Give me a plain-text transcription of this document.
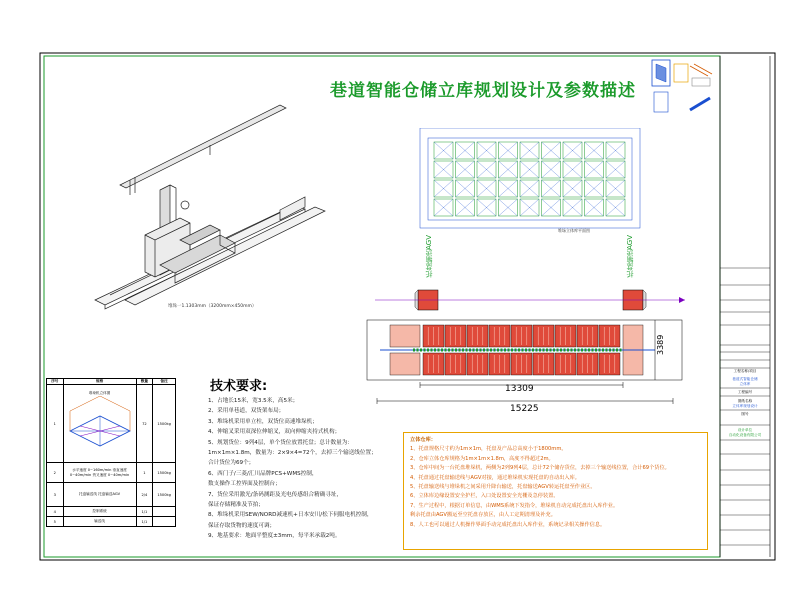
巷道智能仓储立库规划设计及参数描述
堆垛一1.1303mm（3200mm×450mm）
堆垛立体库平面图
托盘输送AGV	托盘输送AGV
13309
15225
3389
序号	规格	数量	备注
1	堆垛机立体图	72	1500kg
2	水平速度 0~160m/min 垂直速度 0~40m/min 货叉速度 0~40m/min	1	1500kg
3	托盘输送线 托盘输送AGV	2/4	1500kg
4	控制系统	1/1	
5	输送线	1/1	
技术要求:
1、占地长15米，宽3.5米，高5米；
2、采用单巷道，双货架布局；
3、堆垛机采用单立柱，双货位高速堆垛机；
4、伸缩叉采用双深位伸缩叉，双向伸缩夹持式机构；
5、规划货位：9列4层，单个货位放置托盘；总计数量为：
1m×1m×1.8m，数量为：2×9×4=72个，去掉三个输送线位置；
合计货位为69个；
6、西门子/三菱/汇川品牌PCS+WMS控制，
数支操作工控界面及控制台；
7、货位采用激光/条码测距及光电传感组合精确寻址，
保证存储精准及节拍；
8、堆垛机采用SEW/NORD减速机+日本安川/松下伺服电机控制，
保证存取货物的速度可调；
9、地基要求：地面平整度±3mm，每平米承载2吨。
立体仓库：
1、托盘规格尺寸约为1m×1m，托盘及产品总高度小于1800mm。
2、仓库立体仓库规格为1m×1m×1.8m，高度不得超过2m。
3、仓库中间为一台托盘堆垛机，两侧为2列9列4层，总计72个储存货位，去掉三个输送线位置，合计69个货位。
4、托盘通过托盘输送线与AGV对接，通过堆垛机实现托盘的自动出入库。
5、托盘输送线与堆垛机之间采用升降台输送，托盘输送AGV转运托盘至作业区。
6、立体库边缘设置安全护栏，入口处设置安全光栅及急停装置。
7、生产过程中，根据订单信息，由WMS系统下发指令，堆垛机自动完成托盘出入库作业。
剩余托盘由AGV搬运至空托盘存放区，由人工定期清理及补充。
8、人工也可以通过人机操作界面手动完成托盘出入库作业，系统记录相关操作信息。
工程名称/项目
巷道式智能仓储
立体库
工程编号
图纸名称
立体库规划设计
图号
设计单位
自动化设备有限公司
